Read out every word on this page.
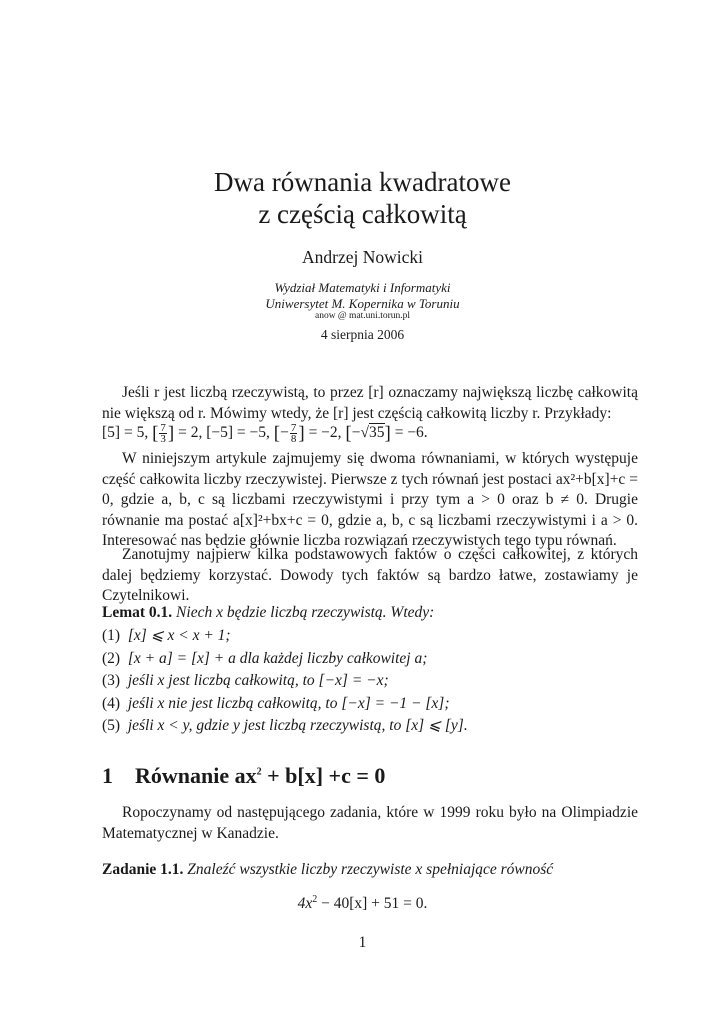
Dwa równania kwadratowe
z częścią całkowitą
Andrzej Nowicki
Wydział Matematyki i Informatyki
Uniwersytet M. Kopernika w Toruniu
anow @ mat.uni.torun.pl
4 sierpnia 2006
Jeśli r jest liczbą rzeczywistą, to przez [r] oznaczamy największą liczbę całkowitą nie większą od r. Mówimy wtedy, że [r] jest częścią całkowitą liczby r. Przykłady:
[5] = 5, [ $\frac{7}{3}$ ] = 2, [−5] = −5, [− $\frac{7}{8}$ ] = −2, [−√35] = −6.
W niniejszym artykule zajmujemy się dwoma równaniami, w których występuje część całkowita liczby rzeczywistej. Pierwsze z tych równań jest postaci ax²+b[x]+c = 0, gdzie a, b, c są liczbami rzeczywistymi i przy tym a > 0 oraz b ≠ 0. Drugie równanie ma postać a[x]²+bx+c = 0, gdzie a, b, c są liczbami rzeczywistymi i a > 0. Interesować nas będzie głównie liczba rozwiązań rzeczywistych tego typu równań.
Zanotujmy najpierw kilka podstawowych faktów o części całkowitej, z których dalej będziemy korzystać. Dowody tych faktów są bardzo łatwe, zostawiamy je Czytelnikowi.
Lemat 0.1. Niech x będzie liczbą rzeczywistą. Wtedy:
(1) [x] ⩽ x < x + 1;
(2) [x + a] = [x] + a dla każdej liczby całkowitej a;
(3) jeśli x jest liczbą całkowitą, to [−x] = −x;
(4) jeśli x nie jest liczbą całkowitą, to [−x] = −1 − [x];
(5) jeśli x < y, gdzie y jest liczbą rzeczywistą, to [x] ⩽ [y].
1 Równanie $ax^2 + b[x] +c = 0$
Ropoczynamy od następującego zadania, które w 1999 roku było na Olimpiadzie Matematycznej w Kanadzie.
Zadanie 1.1. Znaleźć wszystkie liczby rzeczywiste x spełniające równość
$4x^2 - 40[x] + 51 = 0$.
1
